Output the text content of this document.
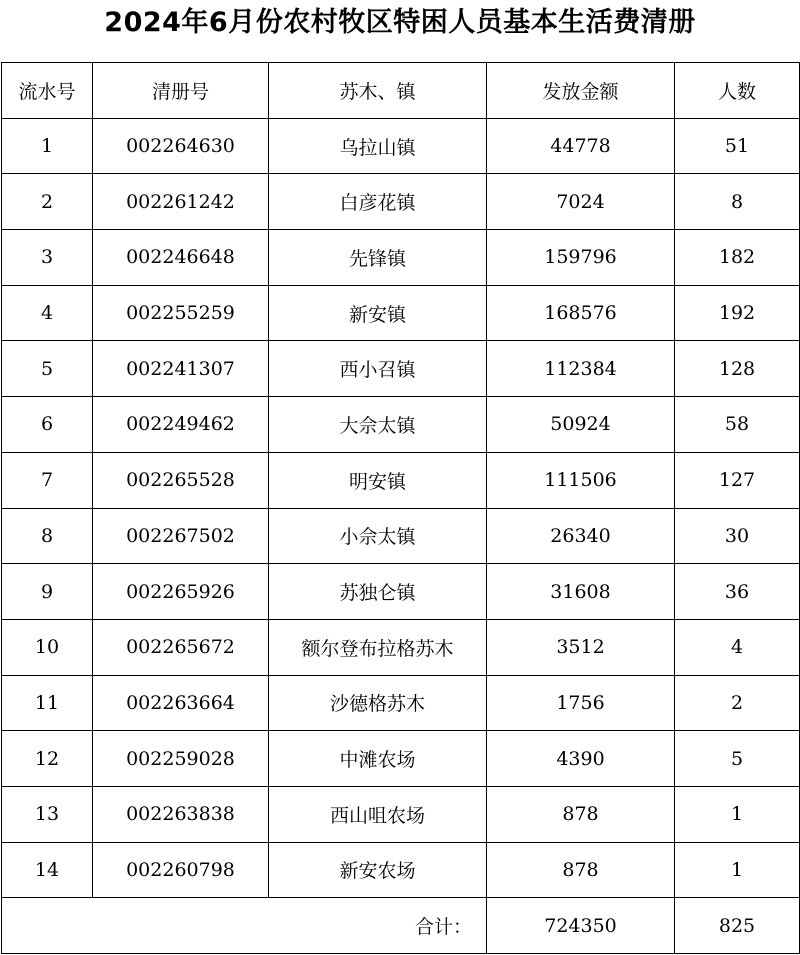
2024年6月份农村牧区特困人员基本生活费清册
流水号	清册号	苏木、镇	发放金额	人数
1	002264630	乌拉山镇	44778	51
2	002261242	白彦花镇	7024	8
3	002246648	先锋镇	159796	182
4	002255259	新安镇	168576	192
5	002241307	西小召镇	112384	128
6	002249462	大佘太镇	50924	58
7	002265528	明安镇	111506	127
8	002267502	小佘太镇	26340	30
9	002265926	苏独仑镇	31608	36
10	002265672	额尔登布拉格苏木	3512	4
11	002263664	沙德格苏木	1756	2
12	002259028	中滩农场	4390	5
13	002263838	西山咀农场	878	1
14	002260798	新安农场	878	1
		合计：	724350	825
